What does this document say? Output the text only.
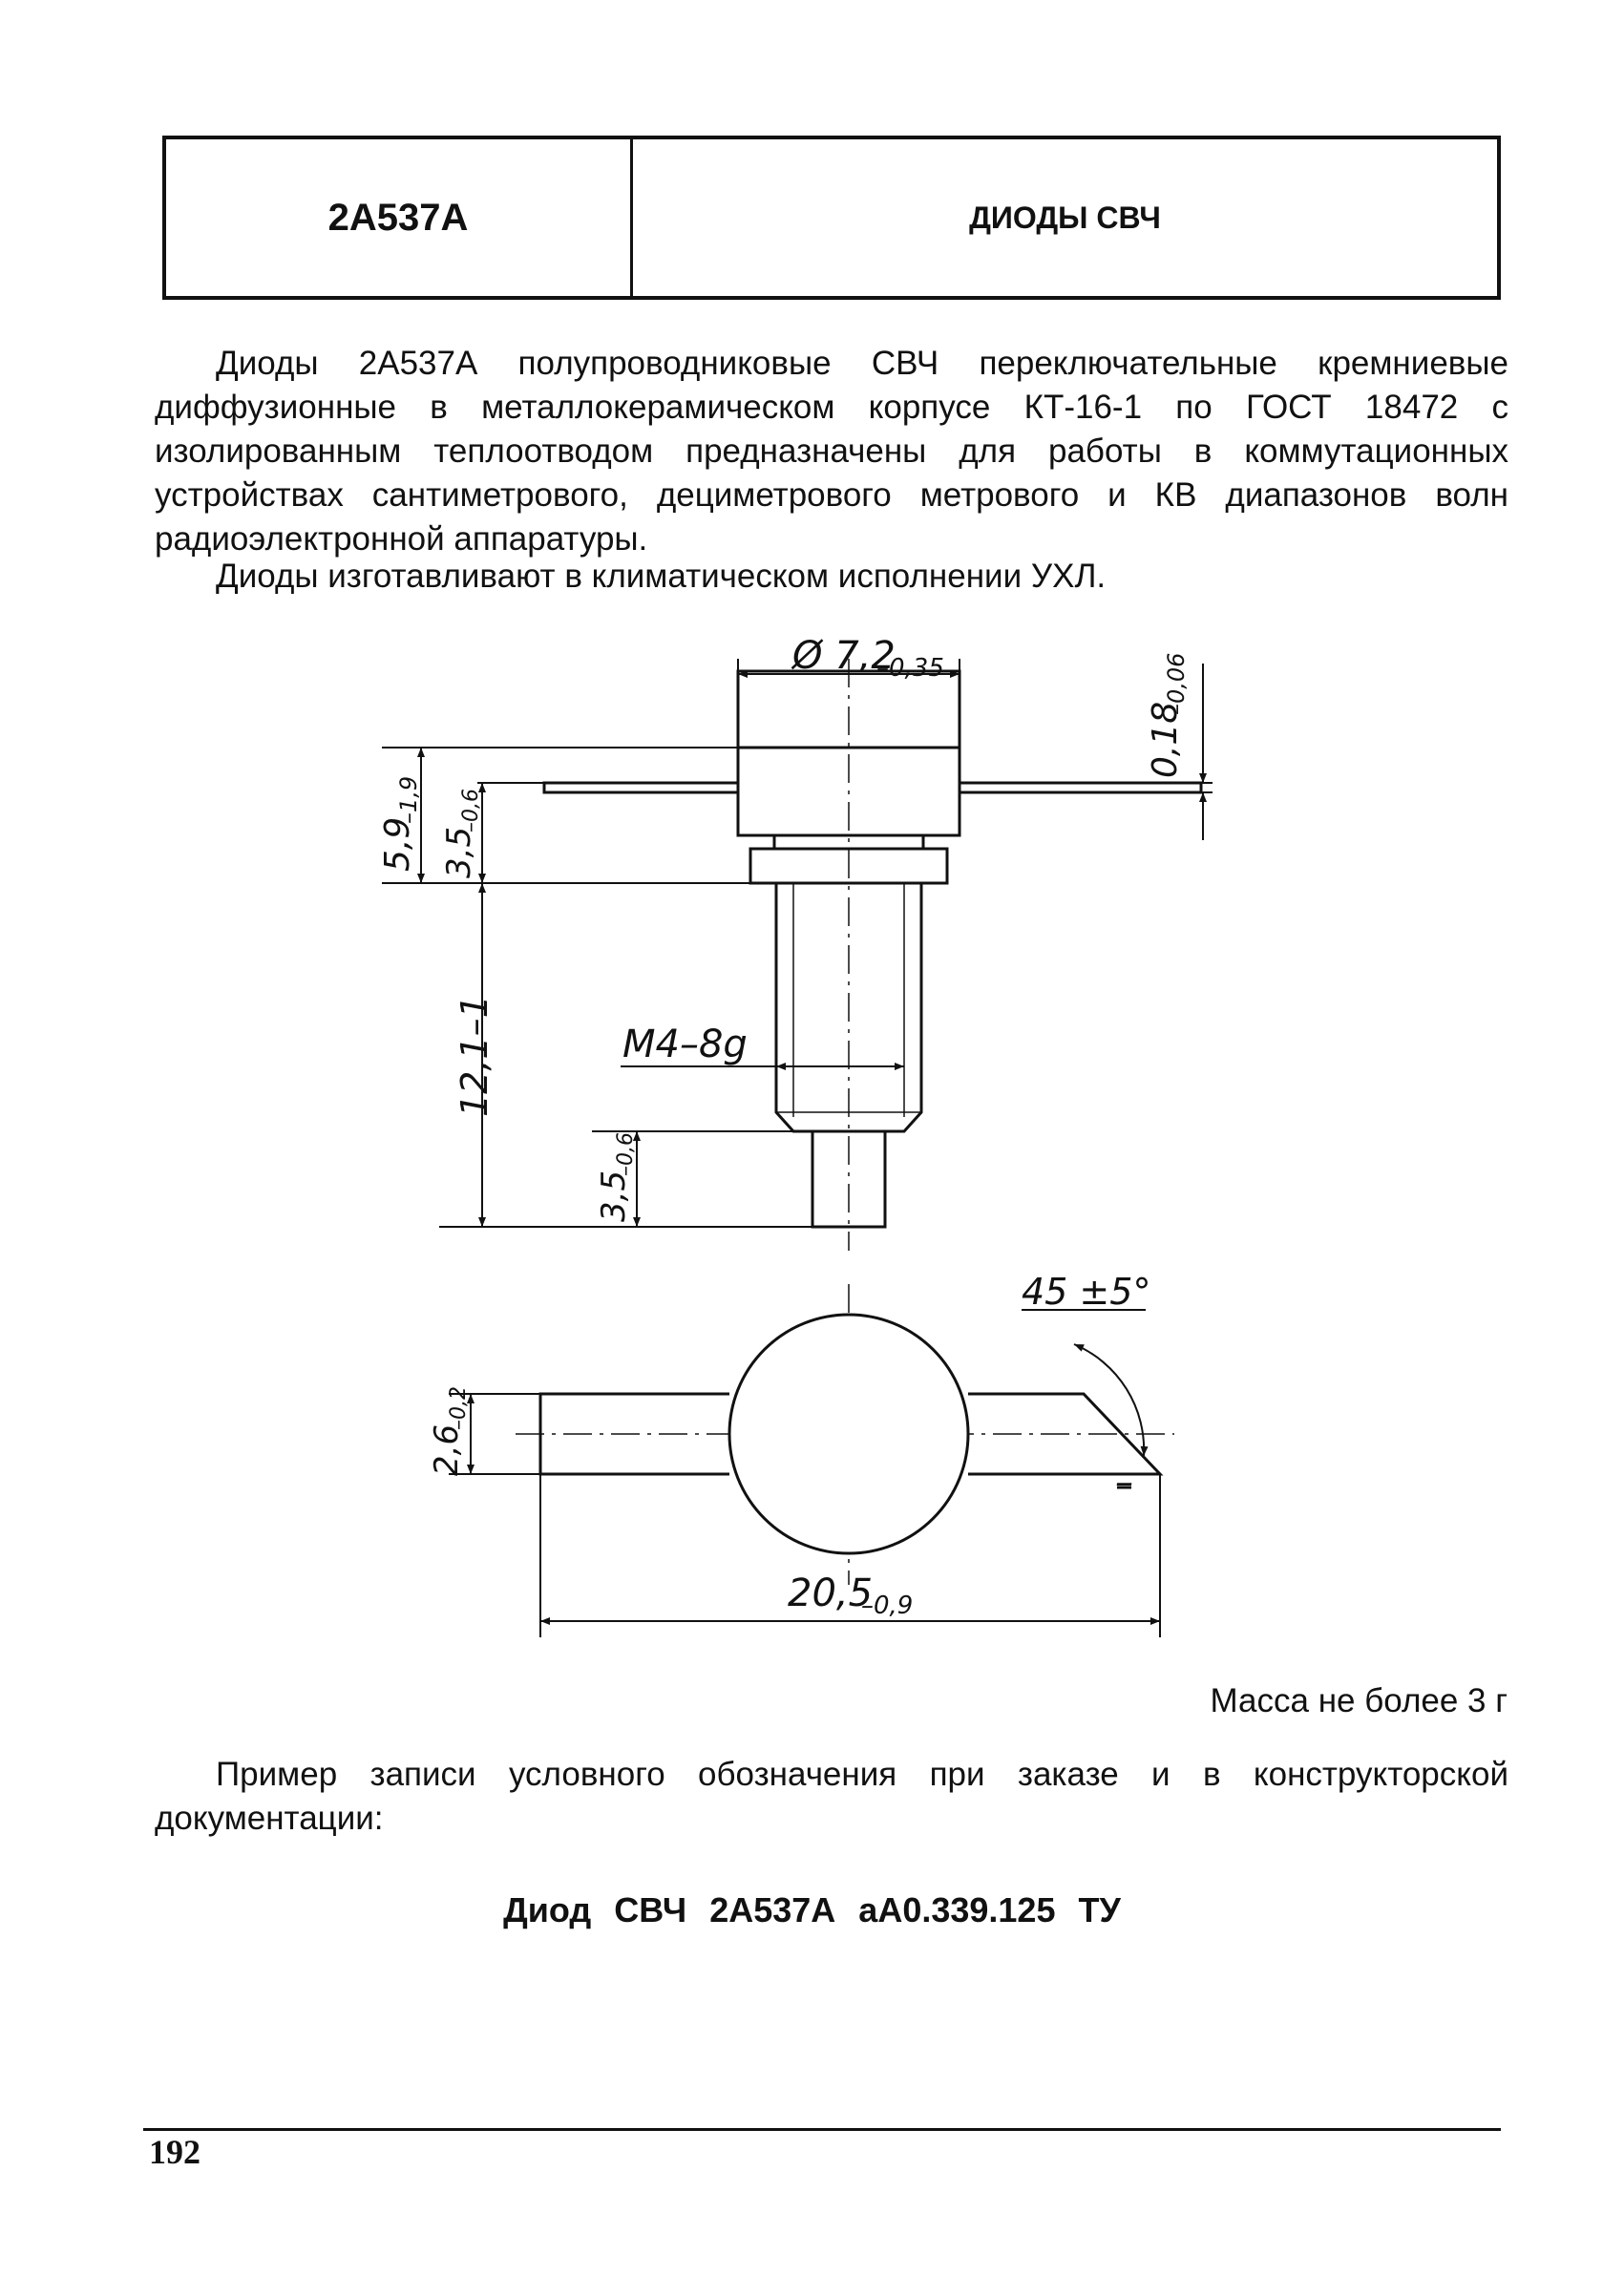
2А537А	ДИОДЫ СВЧ

Диоды 2А537А полупроводниковые СВЧ переключательные кремниевые диффузионные в металлокерамическом корпусе КТ-16-1 по ГОСТ 18472 с изолированным теплоотводом предназначены для работы в коммутационных устройствах сантиметрового, дециметрового метрового и КВ диапазонов волн радиоэлектронной аппаратуры.

Диоды изготавливают в климатическом исполнении УХЛ.

Ø 7,2
–0,35
0,18
–0,06
5,9
–1,9
3,5
–0,6
12,1–1
3,5
–0,6
М4–8g
45 ±5°
–
2,6
–0,2
20,5
–0,9
Масса не более 3 г

Пример записи условного обозначения при заказе и в конструкторской документации:

Диод СВЧ 2А537А аА0.339.125 ТУ
192
